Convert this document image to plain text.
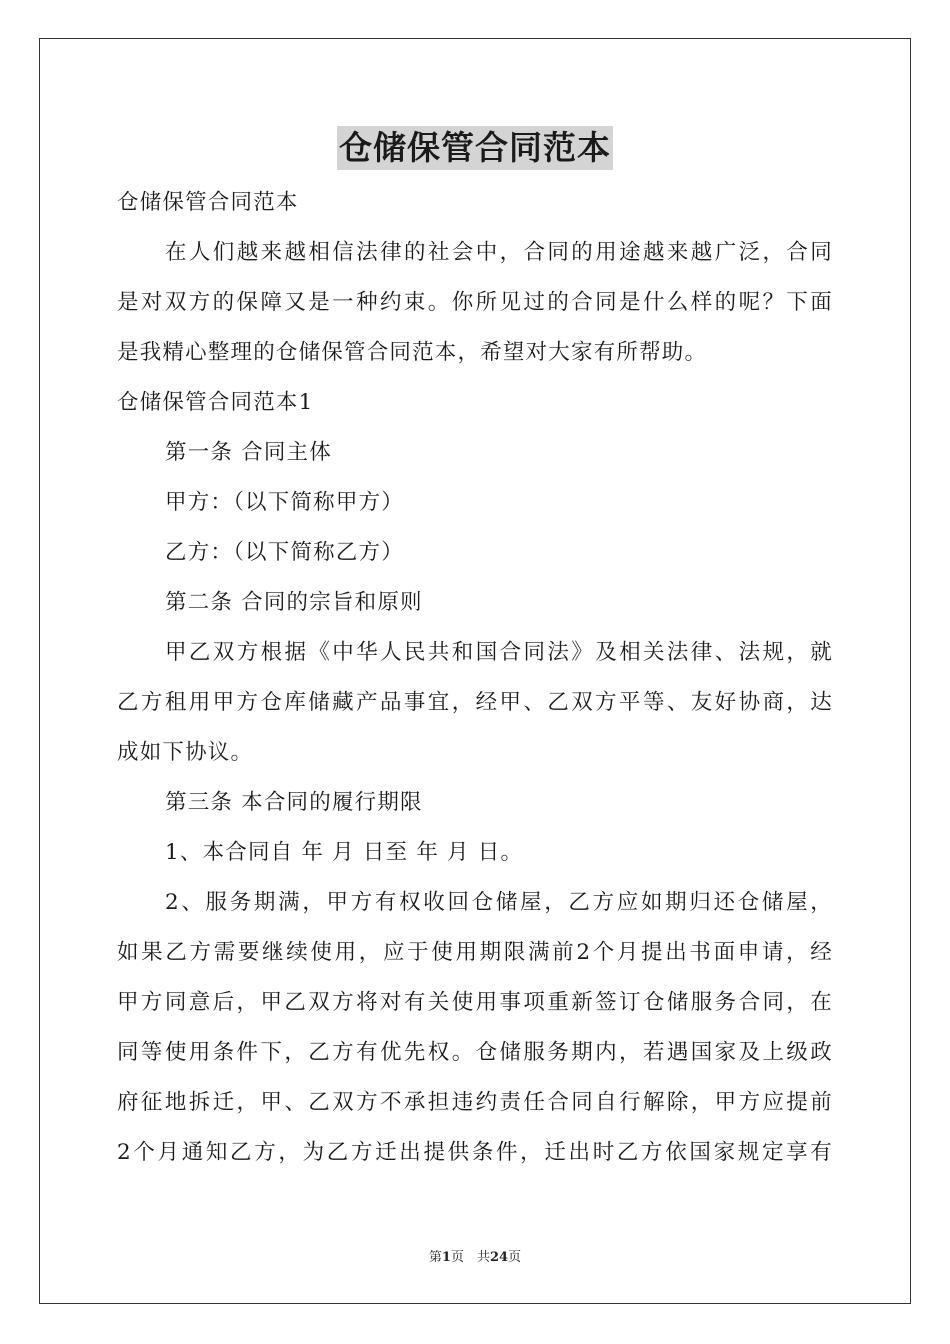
仓储保管合同范本
仓储保管合同范本
在人们越来越相信法律的社会中，合同的用途越来越广泛，合同
是对双方的保障又是一种约束。你所见过的合同是什么样的呢？下面
是我精心整理的仓储保管合同范本，希望对大家有所帮助。
仓储保管合同范本1
第一条 合同主体
甲方：（以下简称甲方）
乙方：（以下简称乙方）
第二条 合同的宗旨和原则
甲乙双方根据《中华人民共和国合同法》及相关法律、法规，就
乙方租用甲方仓库储藏产品事宜，经甲、乙双方平等、友好协商，达
成如下协议。
第三条 本合同的履行期限
1、本合同自 年 月 日至 年 月 日。
2、服务期满，甲方有权收回仓储屋，乙方应如期归还仓储屋，
如果乙方需要继续使用，应于使用期限满前2个月提出书面申请，经
甲方同意后，甲乙双方将对有关使用事项重新签订仓储服务合同，在
同等使用条件下，乙方有优先权。仓储服务期内，若遇国家及上级政
府征地拆迁，甲、乙双方不承担违约责任合同自行解除，甲方应提前
2个月通知乙方，为乙方迁出提供条件，迁出时乙方依国家规定享有
第1页　共24页
